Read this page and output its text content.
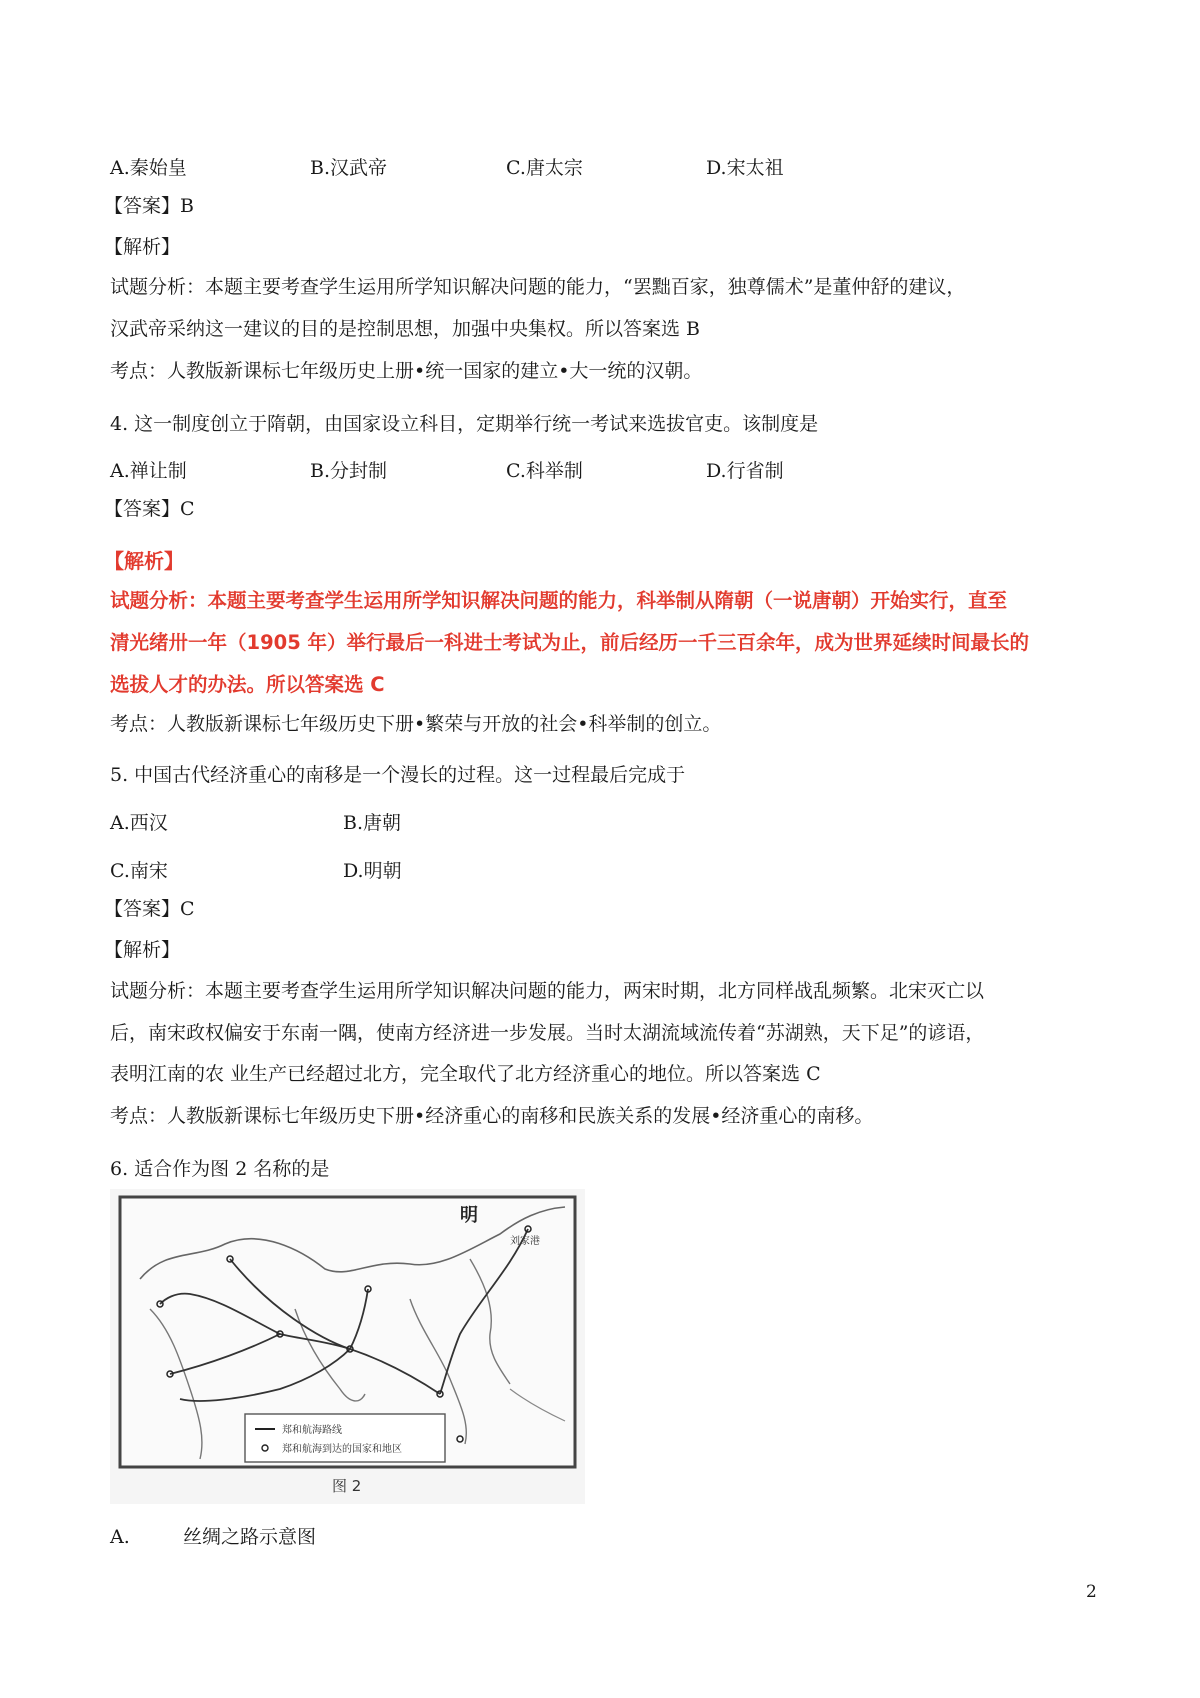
A.秦始皇	B.汉武帝	C.唐太宗	D.宋太祖
【答案】B
【解析】
试题分析：本题主要考查学生运用所学知识解决问题的能力，“罢黜百家，独尊儒术”是董仲舒的建议，
汉武帝采纳这一建议的目的是控制思想，加强中央集权。所以答案选 B
考点：人教版新课标七年级历史上册•统一国家的建立•大一统的汉朝。
4. 这一制度创立于隋朝，由国家设立科目，定期举行统一考试来选拔官吏。该制度是
A.禅让制	B.分封制	C.科举制	D.行省制
【答案】C
【解析】
试题分析：本题主要考查学生运用所学知识解决问题的能力，科举制从隋朝（一说唐朝）开始实行，直至
清光绪卅一年（1905 年）举行最后一科进士考试为止，前后经历一千三百余年，成为世界延续时间最长的
选拔人才的办法。所以答案选 C
考点：人教版新课标七年级历史下册•繁荣与开放的社会•科举制的创立。
5. 中国古代经济重心的南移是一个漫长的过程。这一过程最后完成于
A.西汉	B.唐朝
C.南宋	D.明朝
【答案】C
【解析】
试题分析：本题主要考查学生运用所学知识解决问题的能力，两宋时期，北方同样战乱频繁。北宋灭亡以
后，南宋政权偏安于东南一隅，使南方经济进一步发展。当时太湖流域流传着“苏湖熟，天下足”的谚语，
表明江南的农 业生产已经超过北方，完全取代了北方经济重心的地位。所以答案选 C
考点：人教版新课标七年级历史下册•经济重心的南移和民族关系的发展•经济重心的南移。
6. 适合作为图 2 名称的是
明
刘家港
郑和航海路线
郑和航海到达的国家和地区
图 2
A.	丝绸之路示意图
2
